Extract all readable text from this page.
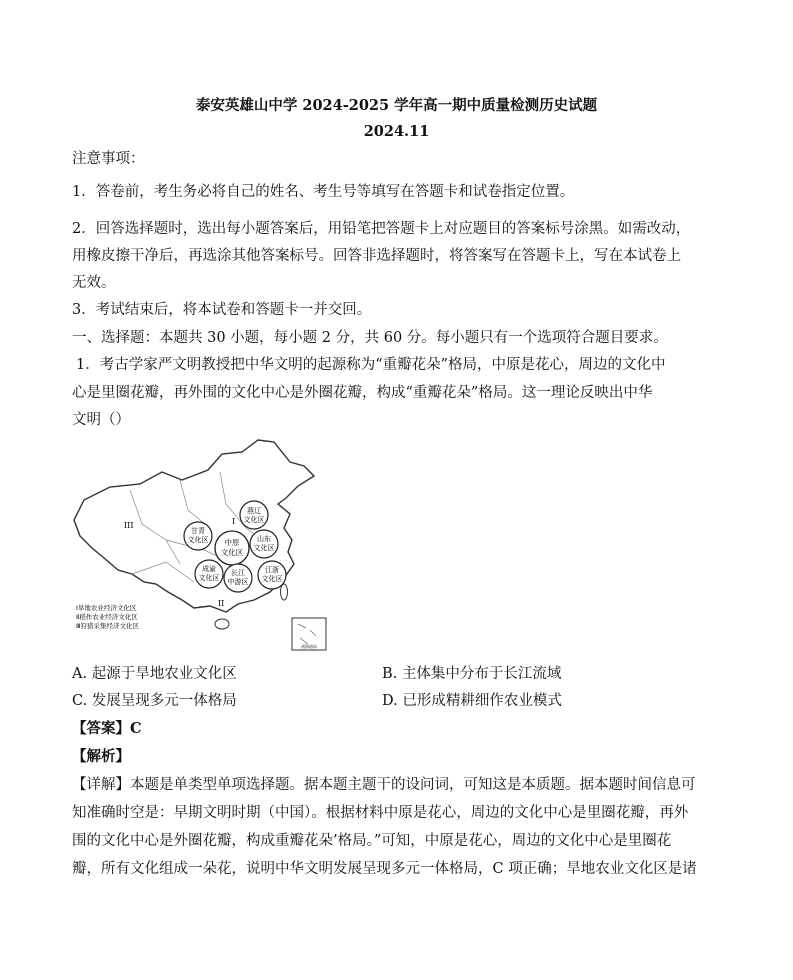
泰安英雄山中学 2024-2025 学年高一期中质量检测历史试题
2024.11
注意事项：
1．答卷前，考生务必将自己的姓名、考生号等填写在答题卡和试卷指定位置。
2．回答选择题时，选出每小题答案后，用铅笔把答题卡上对应题目的答案标号涂黑。如需改动，
用橡皮擦干净后，再选涂其他答案标号。回答非选择题时，将答案写在答题卡上，写在本试卷上
无效。
3．考试结束后，将本试卷和答题卡一并交回。
一、选择题：本题共 30 小题，每小题 2 分，共 60 分。每小题只有一个选项符合题目要求。
1．考古学家严文明教授把中华文明的起源称为“重瓣花朵”格局，中原是花心，周边的文化中
心是里圈花瓣，再外围的文化中心是外圈花瓣，构成“重瓣花朵”格局。这一理论反映出中华
文明（）
III	I
II
燕辽
文化区
甘青
文化区 中原
文化区
山东
文化区
成渝
文化区
长江
中游区
江浙
文化区
Ⅰ旱地农业经济文化区
Ⅱ稻作农业经济文化区
Ⅲ狩猎采集经济文化区
南海诸岛
A. 起源于旱地农业文化区	B. 主体集中分布于长江流域
C. 发展呈现多元一体格局	D. 已形成精耕细作农业模式
【答案】C
【解析】
【详解】本题是单类型单项选择题。据本题主题干的设问词，可知这是本质题。据本题时间信息可
知准确时空是：早期文明时期（中国）。根据材料中原是花心，周边的文化中心是里圈花瓣，再外
围的文化中心是外圈花瓣，构成重瓣花朵’格局。”可知，中原是花心，周边的文化中心是里圈花
瓣，所有文化组成一朵花，说明中华文明发展呈现多元一体格局，C 项正确；旱地农业文化区是诸
